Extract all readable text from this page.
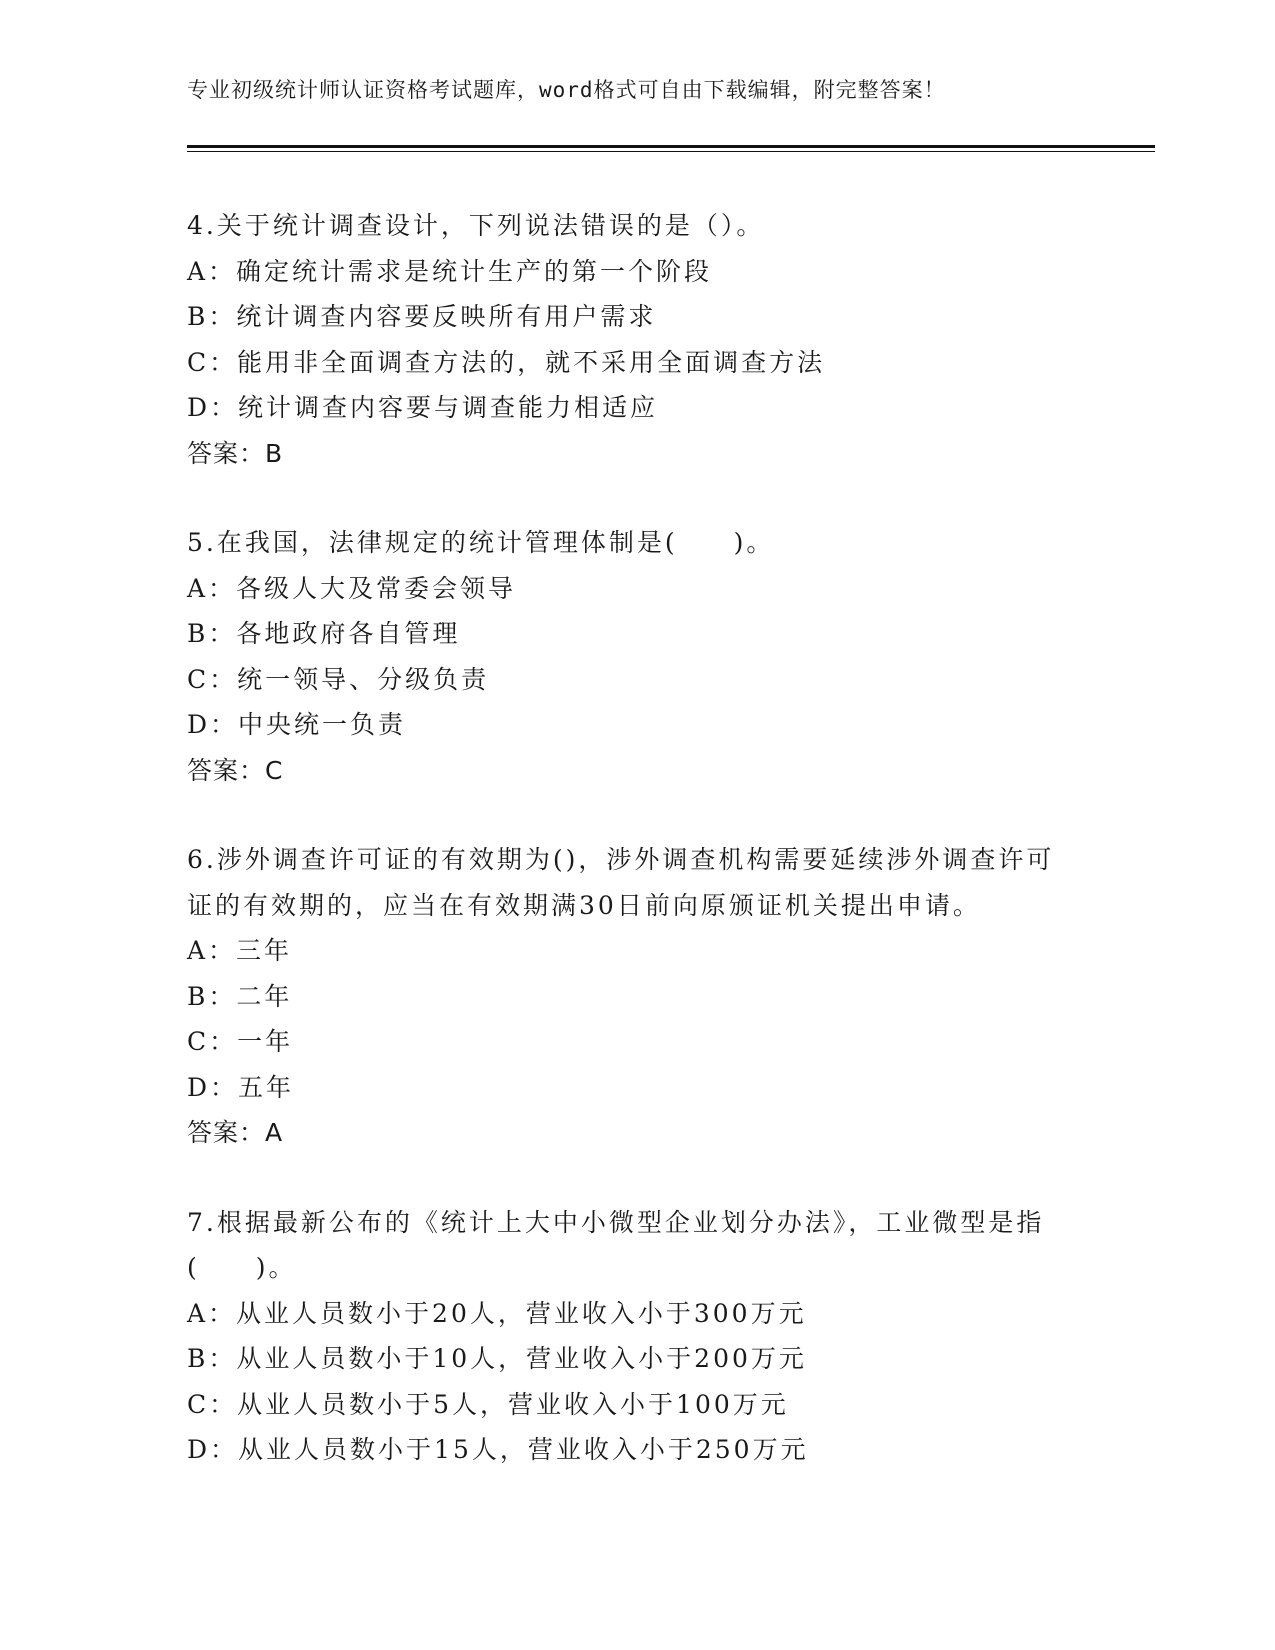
专业初级统计师认证资格考试题库，word格式可自由下载编辑，附完整答案！
4.关于统计调查设计，下列说法错误的是（）。
A：确定统计需求是统计生产的第一个阶段
B：统计调查内容要反映所有用户需求
C：能用非全面调查方法的，就不采用全面调查方法
D：统计调查内容要与调查能力相适应
答案：B
5.在我国，法律规定的统计管理体制是(　　)。
A：各级人大及常委会领导
B：各地政府各自管理
C：统一领导、分级负责
D：中央统一负责
答案：C
6.涉外调查许可证的有效期为()，涉外调查机构需要延续涉外调查许可证的有效期的，应当在有效期满30日前向原颁证机关提出申请。
A：三年
B：二年
C：一年
D：五年
答案：A
7.根据最新公布的《统计上大中小微型企业划分办法》，工业微型是指(　　)。
A：从业人员数小于20人，营业收入小于300万元
B：从业人员数小于10人，营业收入小于200万元
C：从业人员数小于5人，营业收入小于100万元
D：从业人员数小于15人，营业收入小于250万元
